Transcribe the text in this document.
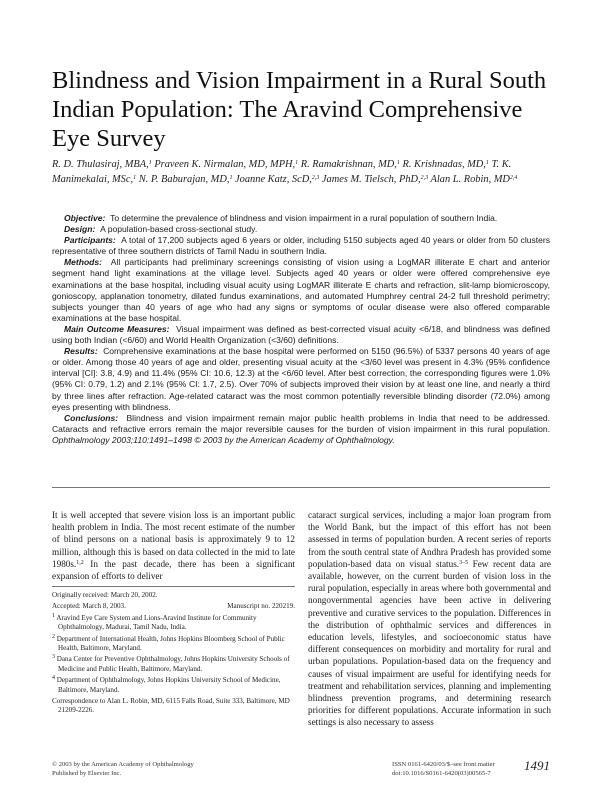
Blindness and Vision Impairment in a Rural South Indian Population: The Aravind Comprehensive Eye Survey
R. D. Thulasiraj, MBA,$^1$ Praveen K. Nirmalan, MD, MPH,$^1$ R. Ramakrishnan, MD,$^1$ R. Krishnadas, MD,$^1$ T. K. Manimekalai, MSc,$^1$ N. P. Baburajan, MD,$^1$ Joanne Katz, ScD,$^{2,3}$ James M. Tielsch, PhD,$^{2,3}$ Alan L. Robin, MD$^{2,4}$

Objective:  To determine the prevalence of blindness and vision impairment in a rural population of southern India.

Design:  A population-based cross-sectional study.

Participants:  A total of 17,200 subjects aged 6 years or older, including 5150 subjects aged 40 years or older from 50 clusters representative of three southern districts of Tamil Nadu in southern India.

Methods:  All participants had preliminary screenings consisting of vision using a LogMAR illiterate E chart and anterior segment hand light examinations at the village level. Subjects aged 40 years or older were offered comprehensive eye examinations at the base hospital, including visual acuity using LogMAR illiterate E charts and refraction, slit-lamp biomicroscopy, gonioscopy, applanation tonometry, dilated fundus examinations, and automated Humphrey central 24-2 full threshold perimetry; subjects younger than 40 years of age who had any signs or symptoms of ocular disease were also offered comparable examinations at the base hospital.

Main Outcome Measures:  Visual impairment was defined as best-corrected visual acuity <6/18, and blindness was defined using both Indian (<6/60) and World Health Organization (<3/60) definitions.

Results:  Comprehensive examinations at the base hospital were performed on 5150 (96.5%) of 5337 persons 40 years of age or older. Among those 40 years of age and older, presenting visual acuity at the <3/60 level was present in 4.3% (95% confidence interval [CI]: 3.8, 4.9) and 11.4% (95% CI: 10.6, 12.3) at the <6/60 level. After best correction, the corresponding figures were 1.0% (95% CI: 0.79, 1.2) and 2.1% (95% CI: 1.7, 2.5). Over 70% of subjects improved their vision by at least one line, and nearly a third by three lines after refraction. Age-related cataract was the most common potentially reversible blinding disorder (72.0%) among eyes presenting with blindness.

Conclusions:  Blindness and vision impairment remain major public health problems in India that need to be addressed. Cataracts and refractive errors remain the major reversible causes for the burden of vision impairment in this rural population. Ophthalmology 2003;110:1491–1498 © 2003 by the American Academy of Ophthalmology.

It is well accepted that severe vision loss is an important public health problem in India. The most recent estimate of the number of blind persons on a national basis is approximately 9 to 12 million, although this is based on data collected in the mid to late 1980s.$^{1,2}$ In the past decade, there has been a significant expansion of efforts to deliver

Originally received: March 20, 2002.

Accepted: March 8, 2003.	Manuscript no. 220219.

$^1$ Aravind Eye Care System and Lions-Aravind Institute for Community Ophthalmology, Madurai, Tamil Nadu, India.

$^2$ Department of International Health, Johns Hopkins Bloomberg School of Public Health, Baltimore, Maryland.

$^3$ Dana Center for Preventive Ophthalmology, Johns Hopkins University Schools of Medicine and Public Health, Baltimore, Maryland.

$^4$ Department of Ophthalmology, Johns Hopkins University School of Medicine, Baltimore, Maryland.

Correspondence to Alan L. Robin, MD, 6115 Falls Road, Suite 333, Baltimore, MD 21209-2226.

cataract surgical services, including a major loan program from the World Bank, but the impact of this effort has not been assessed in terms of population burden. A recent series of reports from the south central state of Andhra Pradesh has provided some population-based data on visual status.$^{3-5}$ Few recent data are available, however, on the current burden of vision loss in the rural population, especially in areas where both governmental and nongovernmental agencies have been active in delivering preventive and curative services to the population. Differences in the distribution of ophthalmic services and differences in education levels, lifestyles, and socioeconomic status have different consequences on morbidity and mortality for rural and urban populations. Population-based data on the frequency and causes of visual impairment are useful for identifying needs for treatment and rehabilitation services, planning and implementing blindness prevention programs, and determining research priorities for different populations. Accurate information in such settings is also necessary to assess

© 2003 by the American Academy of Ophthalmology
Published by Elsevier Inc.
ISSN 0161-6420/03/$–see front matter
doi:10.1016/S0161-6420(03)00565-7
1491
